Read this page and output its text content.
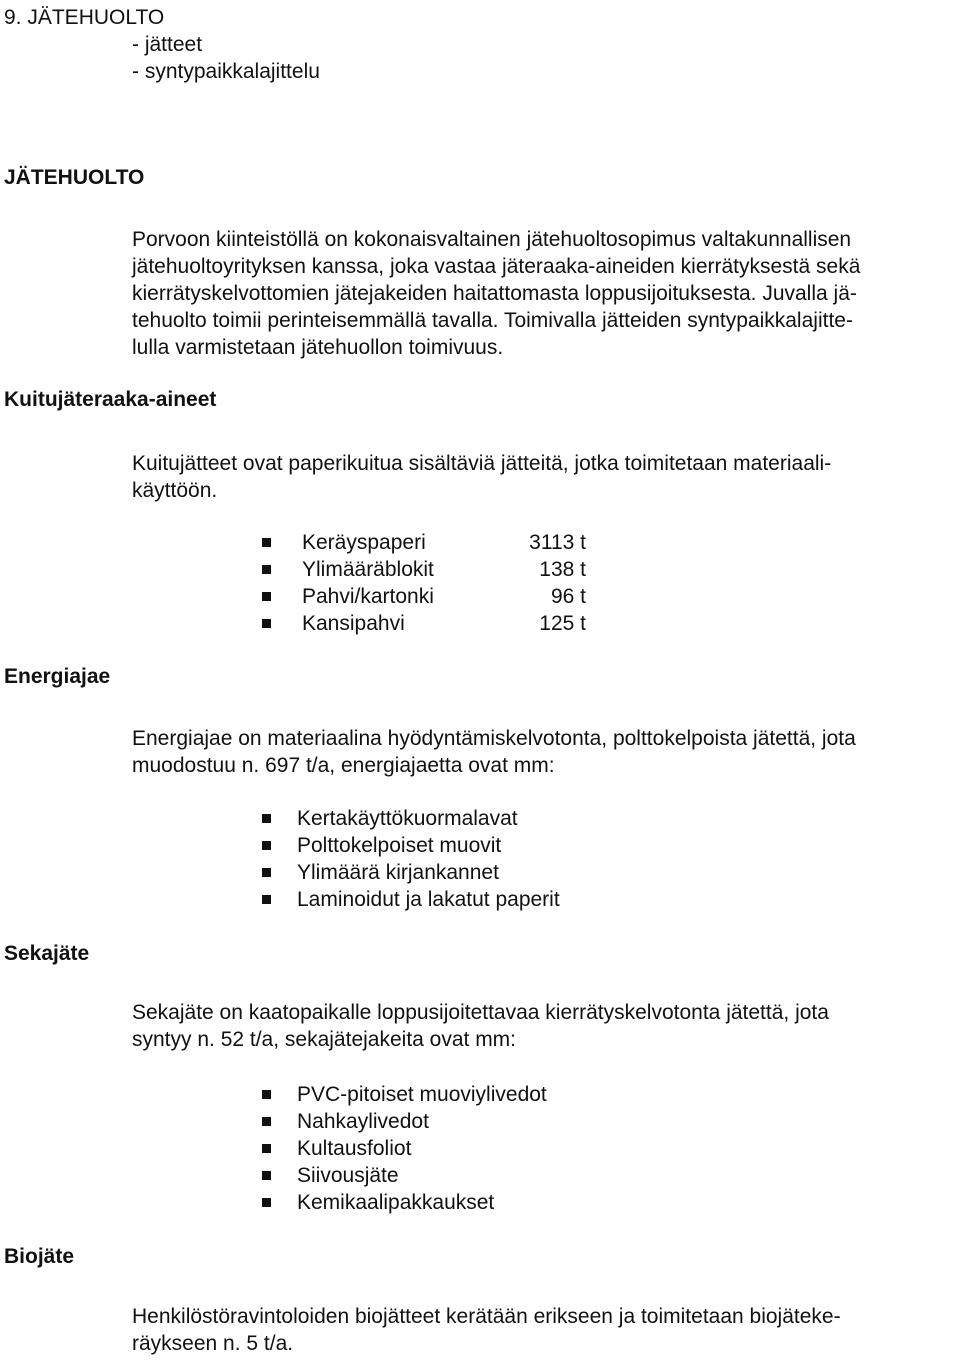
9. JÄTEHUOLTO
- jätteet
- syntypaikkalajittelu
JÄTEHUOLTO
Porvoon kiinteistöllä on kokonaisvaltainen jätehuoltosopimus valtakunnallisen
jätehuoltoyrityksen kanssa, joka vastaa jäteraaka-aineiden kierrätyksestä sekä
kierrätyskelvottomien jätejakeiden haitattomasta loppusijoituksesta. Juvalla jä-
tehuolto toimii perinteisemmällä tavalla. Toimivalla jätteiden syntypaikkalajitte-
lulla varmistetaan jätehuollon toimivuus.
Kuitujäteraaka-aineet
Kuitujätteet ovat paperikuitua sisältäviä jätteitä, jotka toimitetaan materiaali-
käyttöön.
Keräyspaperi	3113 t
Ylimääräblokit	138 t
Pahvi/kartonki	96 t
Kansipahvi	125 t
Energiajae
Energiajae on materiaalina hyödyntämiskelvotonta, polttokelpoista jätettä, jota
muodostuu n. 697 t/a, energiajaetta ovat mm:
Kertakäyttökuormalavat
Polttokelpoiset muovit
Ylimäärä kirjankannet
Laminoidut ja lakatut paperit
Sekajäte
Sekajäte on kaatopaikalle loppusijoitettavaa kierrätyskelvotonta jätettä, jota
syntyy n. 52 t/a, sekajätejakeita ovat mm:
PVC-pitoiset muoviylivedot
Nahkaylivedot
Kultausfoliot
Siivousjäte
Kemikaalipakkaukset
Biojäte
Henkilöstöravintoloiden biojätteet kerätään erikseen ja toimitetaan biojäteke-
räykseen n. 5 t/a.
